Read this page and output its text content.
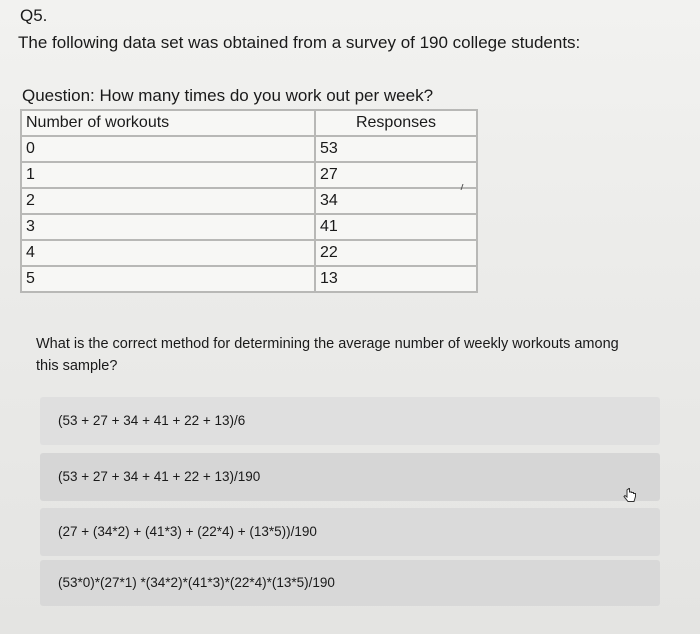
Q5.
The following data set was obtained from a survey of 190 college students:
Question: How many times do you work out per week?
Number of workouts	Responses
0	53
1	27
2	34
3	41
4	22
5	13
What is the correct method for determining the average number of weekly workouts among this sample?
(53 + 27 + 34 + 41 + 22 + 13)/6
(53 + 27 + 34 + 41 + 22 + 13)/190
(27 + (34*2) + (41*3) + (22*4) + (13*5))/190
(53*0)*(27*1) *(34*2)*(41*3)*(22*4)*(13*5)/190
